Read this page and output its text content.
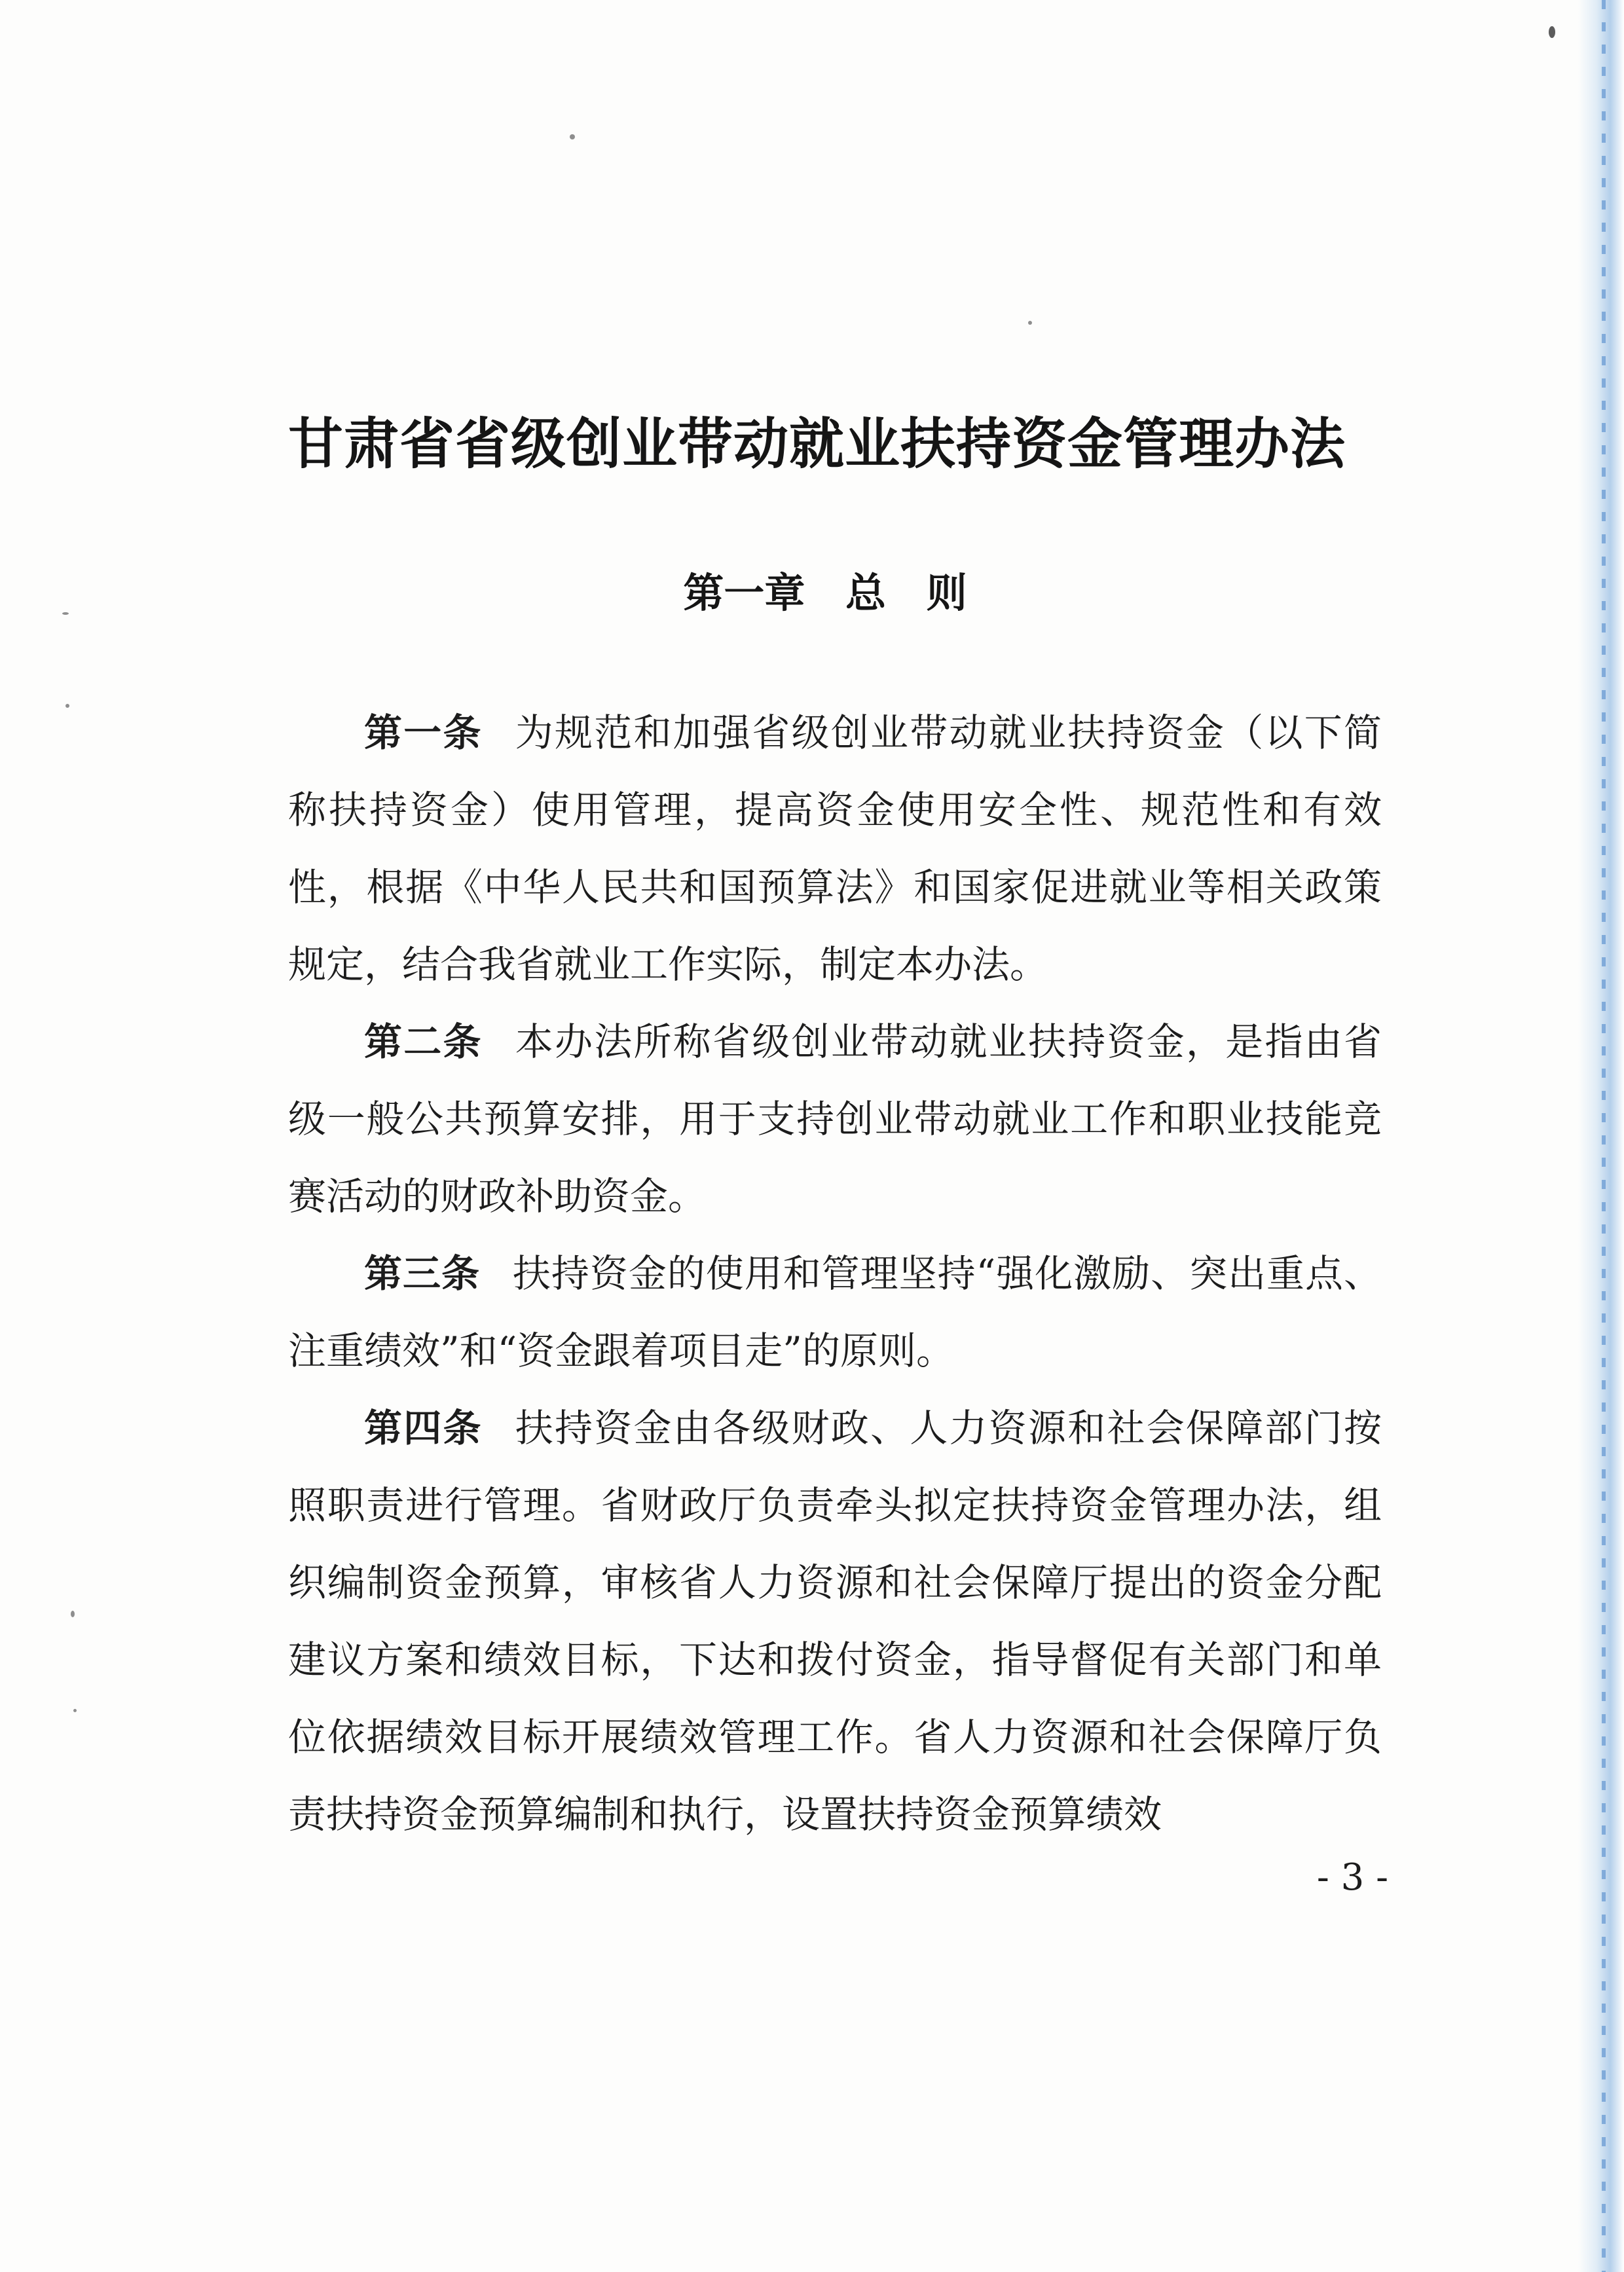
甘肃省省级创业带动就业扶持资金管理办法
第一章 总 则

第一条 为规范和加强省级创业带动就业扶持资金（以下简称扶持资金）使用管理，提高资金使用安全性、规范性和有效性，根据《中华人民共和国预算法》和国家促进就业等相关政策规定，结合我省就业工作实际，制定本办法。

第二条 本办法所称省级创业带动就业扶持资金，是指由省级一般公共预算安排，用于支持创业带动就业工作和职业技能竞赛活动的财政补助资金。

第三条 扶持资金的使用和管理坚持“强化激励、突出重点、注重绩效”和“资金跟着项目走”的原则。

第四条 扶持资金由各级财政、人力资源和社会保障部门按照职责进行管理。省财政厅负责牵头拟定扶持资金管理办法，组织编制资金预算，审核省人力资源和社会保障厅提出的资金分配建议方案和绩效目标，下达和拨付资金，指导督促有关部门和单位依据绩效目标开展绩效管理工作。省人力资源和社会保障厅负责扶持资金预算编制和执行，设置扶持资金预算绩效

- 3 -
